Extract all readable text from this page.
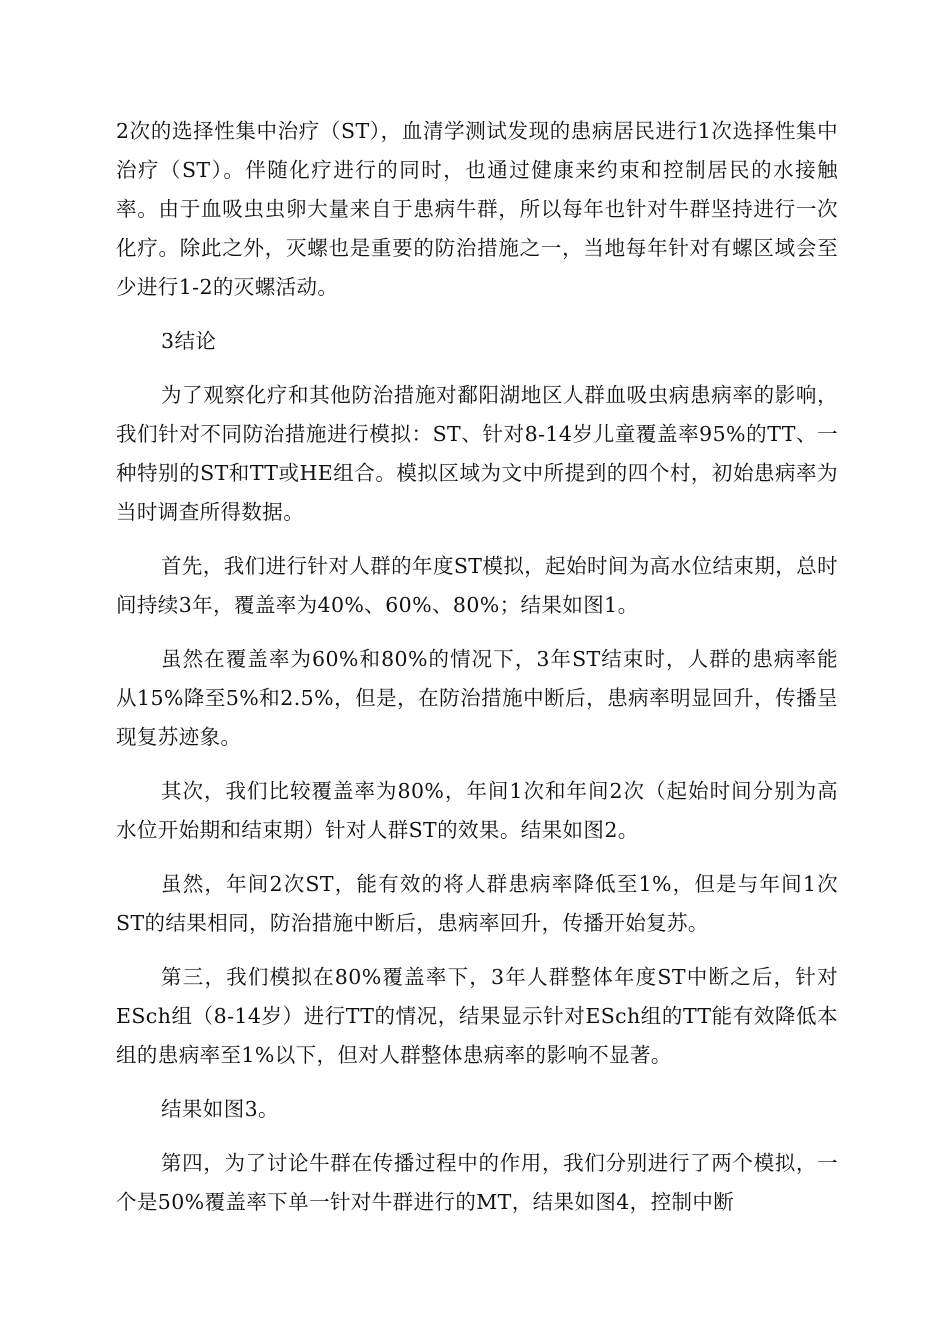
2次的选择性集中治疗（ST），血清学测试发现的患病居民进行1次选择性集中治疗（ST）。伴随化疗进行的同时，也通过健康来约束和控制居民的水接触率。由于血吸虫虫卵大量来自于患病牛群，所以每年也针对牛群坚持进行一次化疗。除此之外，灭螺也是重要的防治措施之一，当地每年针对有螺区域会至少进行1-2的灭螺活动。

3结论

为了观察化疗和其他防治措施对鄱阳湖地区人群血吸虫病患病率的影响，我们针对不同防治措施进行模拟：ST、针对8-14岁儿童覆盖率95%的TT、一种特别的ST和TT或HE组合。模拟区域为文中所提到的四个村，初始患病率为当时调查所得数据。

首先，我们进行针对人群的年度ST模拟，起始时间为高水位结束期，总时间持续3年，覆盖率为40%、60%、80%；结果如图1。

虽然在覆盖率为60%和80%的情况下，3年ST结束时，人群的患病率能从15%降至5%和2.5%，但是，在防治措施中断后，患病率明显回升，传播呈现复苏迹象。

其次，我们比较覆盖率为80%，年间1次和年间2次（起始时间分别为高水位开始期和结束期）针对人群ST的效果。结果如图2。

虽然，年间2次ST，能有效的将人群患病率降低至1%，但是与年间1次ST的结果相同，防治措施中断后，患病率回升，传播开始复苏。

第三，我们模拟在80%覆盖率下，3年人群整体年度ST中断之后，针对ESch组（8-14岁）进行TT的情况，结果显示针对ESch组的TT能有效降低本组的患病率至1%以下，但对人群整体患病率的影响不显著。

结果如图3。

第四，为了讨论牛群在传播过程中的作用，我们分别进行了两个模拟，一个是50%覆盖率下单一针对牛群进行的MT，结果如图4，控制中断
